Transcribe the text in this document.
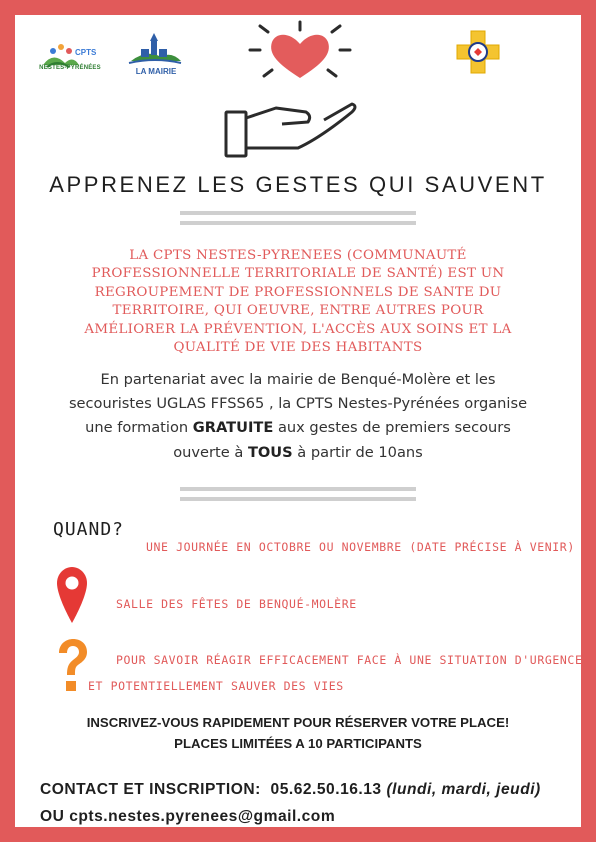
CPTS
NESTES-PYRÉNÉES	LA MAIRIE
APPRENEZ LES GESTES QUI SAUVENT
LA CPTS NESTES-PYRENEES (COMMUNAUTÉ PROFESSIONNELLE TERRITORIALE DE SANTÉ) EST UN REGROUPEMENT DE PROFESSIONNELS DE SANTE DU TERRITOIRE, QUI OEUVRE, ENTRE AUTRES POUR AMÉLIORER LA PRÉVENTION, L'ACCÈS AUX SOINS ET LA QUALITÉ DE VIE DES HABITANTS
En partenariat avec la mairie de Benqué-Molère et les secouristes UGLAS FFSS65 , la CPTS Nestes-Pyrénées organise une formation GRATUITE aux gestes de premiers secours ouverte à TOUS à partir de 10ans
QUAND?
UNE JOURNÉE EN OCTOBRE OU NOVEMBRE (DATE PRÉCISE À VENIR)
SALLE DES FÊTES DE BENQUÉ-MOLÈRE
POUR SAVOIR RÉAGIR EFFICACEMENT FACE À UNE SITUATION D'URGENCE
ET POTENTIELLEMENT SAUVER DES VIES
INSCRIVEZ-VOUS RAPIDEMENT POUR RÉSERVER VOTRE PLACE!
PLACES LIMITÉES A 10 PARTICIPANTS
CONTACT ET INSCRIPTION: 05.62.50.16.13 (lundi, mardi, jeudi) OU cpts.nestes.pyrenees@gmail.com
